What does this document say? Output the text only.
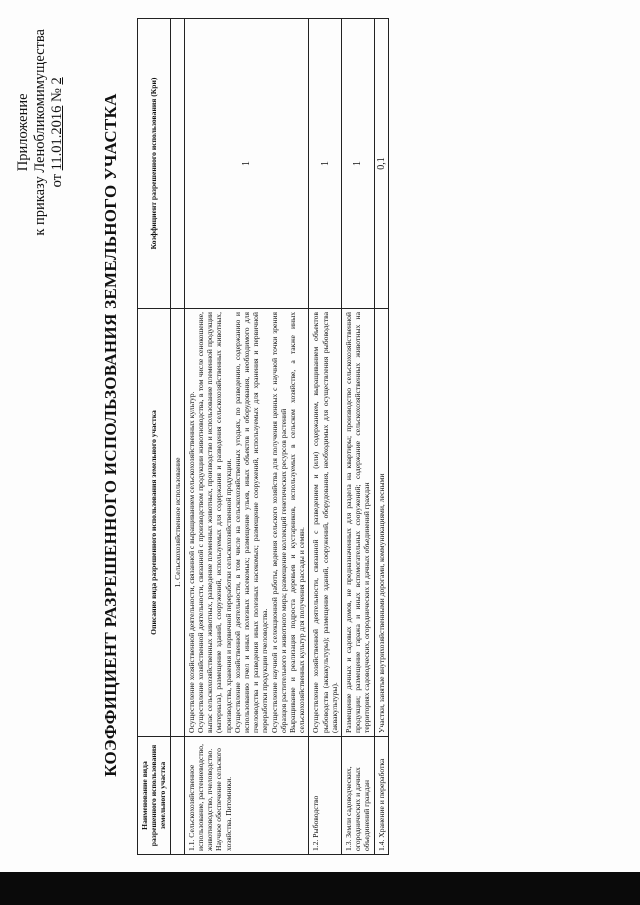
Приложение к приказу Ленобликомимущества от 11.01.2016 № 2
КОЭФФИЦИЕНТ РАЗРЕШЕННОГО ИСПОЛЬЗОВАНИЯ ЗЕМЕЛЬНОГО УЧАСТКА
Наименование вида разрешенного использования земельного участка	Описание вида разрешенного использования земельного участка	Коэффициент разрешенного использования (Кри)
	1. Сельскохозяйственное использование	
1.1. Сельскохозяйственное использование, растениеводство, животноводство, пчеловодство. Научное обеспечение сельского хозяйства. Питомники.	Осуществление хозяйственной деятельности, связанной с выращиванием сельскохозяйственных культур. Осуществление хозяйственной деятельности, связанной с производством продукции животноводства, в том числе сенокошение, выпас сельскохозяйственных животных, разведение племенных животных, производство и использование племенной продукции (материала), размещение зданий, сооружений, используемых для содержания и разведения сельскохозяйственных животных, производства, хранения и первичной переработки сельскохозяйственной продукции. Осуществление хозяйственной деятельности, в том числе на сельскохозяйственных угодьях, по разведению, содержанию и использованию пчел и иных полезных насекомых; размещение ульев, иных объектов и оборудования, необходимого для пчеловодства и разведения иных полезных насекомых; размещение сооружений, используемых для хранения и первичной переработки продукции пчеловодства. Осуществление научной и селекционной работы, ведения сельского хозяйства для получения ценных с научной точки зрения образцов растительного и животного мира; размещение коллекций генетических ресурсов растений Выращивание и реализация подроста деревьев и кустарников, используемых в сельском хозяйстве, а также иных сельскохозяйственных культур для получения рассады и семян.	1
1.2. Рыбоводство	Осуществление хозяйственной деятельности, связанной с разведением и (или) содержанием, выращиванием объектов рыбоводства (аквакультуры); размещение зданий, сооружений, оборудования, необходимых для осуществления рыбоводства (аквакультуры).	1
1.3. Земли садоводческих, огороднических и дачных объединений граждан	Размещение дачных и садовых домов, не предназначенных для раздела на квартиры; производство сельскохозяйственной продукции; размещение гаража и иных вспомогательных сооружений; содержание сельскохозяйственных животных на территориях садоводческих, огороднических и дачных объединений граждан	1
1.4. Хранение и переработка	Участки, занятые внутрихозяйственными дорогами, коммуникациями, лесными	0,1
